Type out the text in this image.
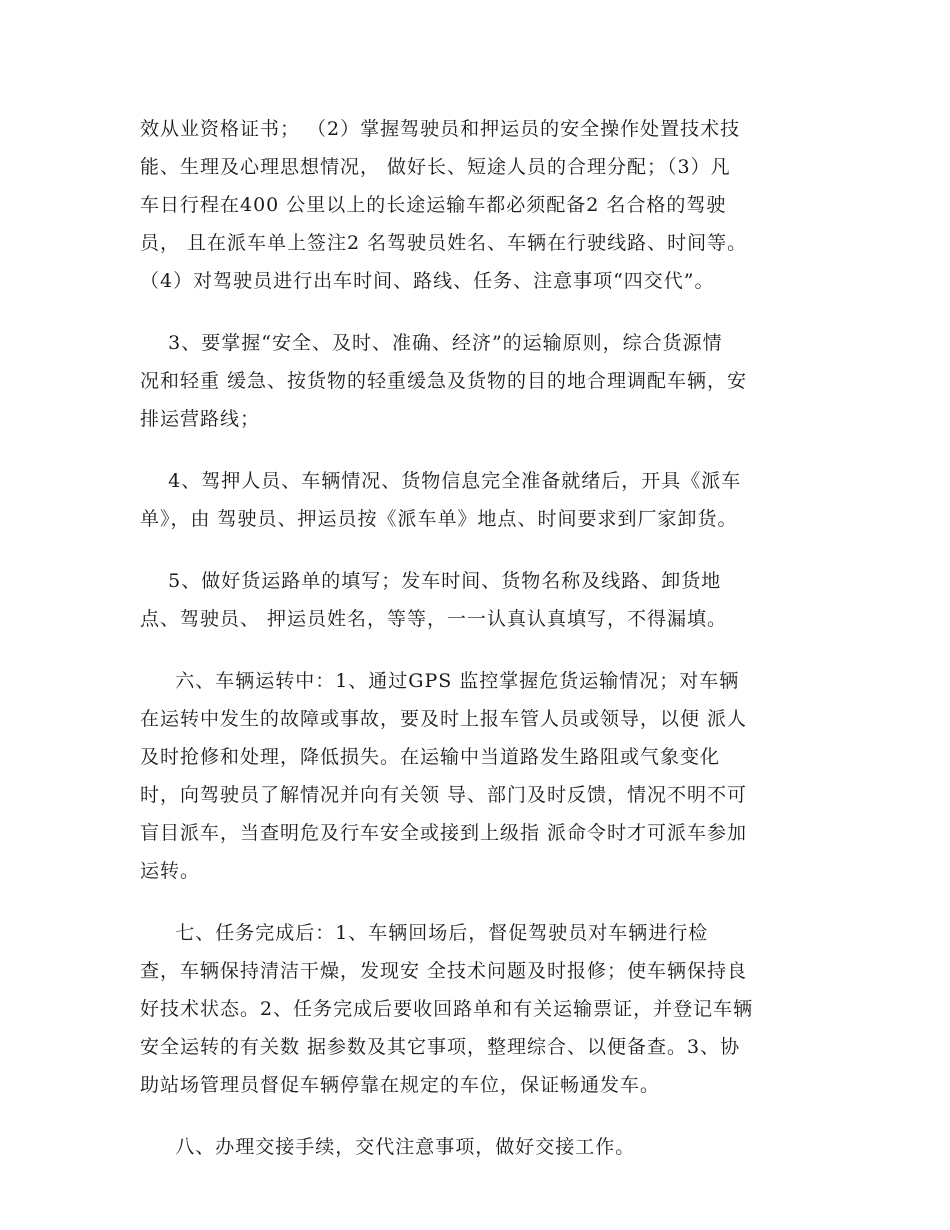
效从业资格证书； （2）掌握驾驶员和押运员的安全操作处置技术技
能、生理及心理思想情况， 做好长、短途人员的合理分配；（3）凡
车日行程在400 公里以上的长途运输车都必须配备2 名合格的驾驶
员， 且在派车单上签注2 名驾驶员姓名、车辆在行驶线路、时间等。
（4）对驾驶员进行出车时间、路线、任务、注意事项“四交代”。
3、要掌握“安全、及时、准确、经济”的运输原则，综合货源情
况和轻重 缓急、按货物的轻重缓急及货物的目的地合理调配车辆，安
排运营路线；
4、驾押人员、车辆情况、货物信息完全准备就绪后，开具《派车
单》，由 驾驶员、押运员按《派车单》地点、时间要求到厂家卸货。
5、做好货运路单的填写；发车时间、货物名称及线路、卸货地
点、驾驶员、 押运员姓名，等等，一一认真认真填写，不得漏填。
六、车辆运转中：1、通过GPS 监控掌握危货运输情况；对车辆
在运转中发生的故障或事故，要及时上报车管人员或领导，以便 派人
及时抢修和处理，降低损失。在运输中当道路发生路阻或气象变化
时，向驾驶员了解情况并向有关领 导、部门及时反馈，情况不明不可
盲目派车，当查明危及行车安全或接到上级指 派命令时才可派车参加
运转。
七、任务完成后：1、车辆回场后，督促驾驶员对车辆进行检
查，车辆保持清洁干燥，发现安 全技术问题及时报修；使车辆保持良
好技术状态。2、任务完成后要收回路单和有关运输票证，并登记车辆
安全运转的有关数 据参数及其它事项，整理综合、以便备查。3、协
助站场管理员督促车辆停靠在规定的车位，保证畅通发车。
八、办理交接手续，交代注意事项，做好交接工作。
